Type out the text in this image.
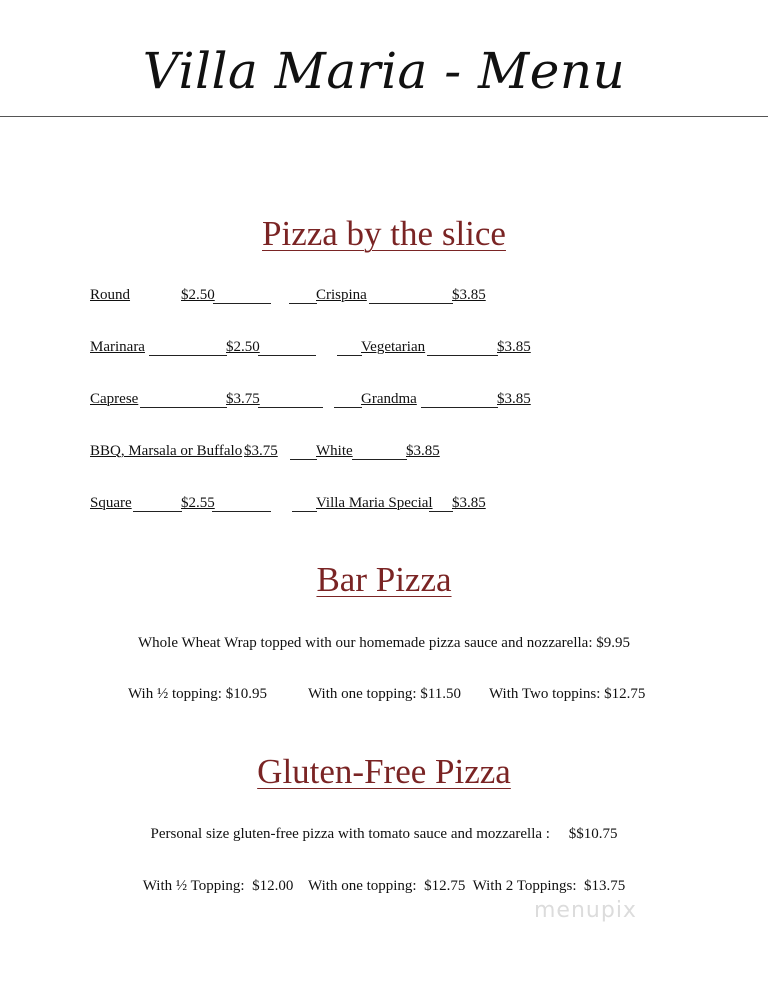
Villa Maria - Menu
Pizza by the slice
Round	$2.50	Crispina	$3.85
Marinara	$2.50	Vegetarian	$3.85
Caprese	$3.75	Grandma	$3.85
BBQ, Marsala or Buffalo $3.75	White	$3.85
Square	$2.55	Villa Maria Special $3.85
Bar Pizza
Whole Wheat Wrap topped with our homemade pizza sauce and nozzarella: $9.95
Wih ½ topping: $10.95	With one topping: $11.50 With Two toppins: $12.75
Gluten-Free Pizza
Personal size gluten-free pizza with tomato sauce and mozzarella :     $$10.75
With ½ Topping:  $12.00    With one topping:  $12.75  With 2 Toppings:  $13.75
menupix
